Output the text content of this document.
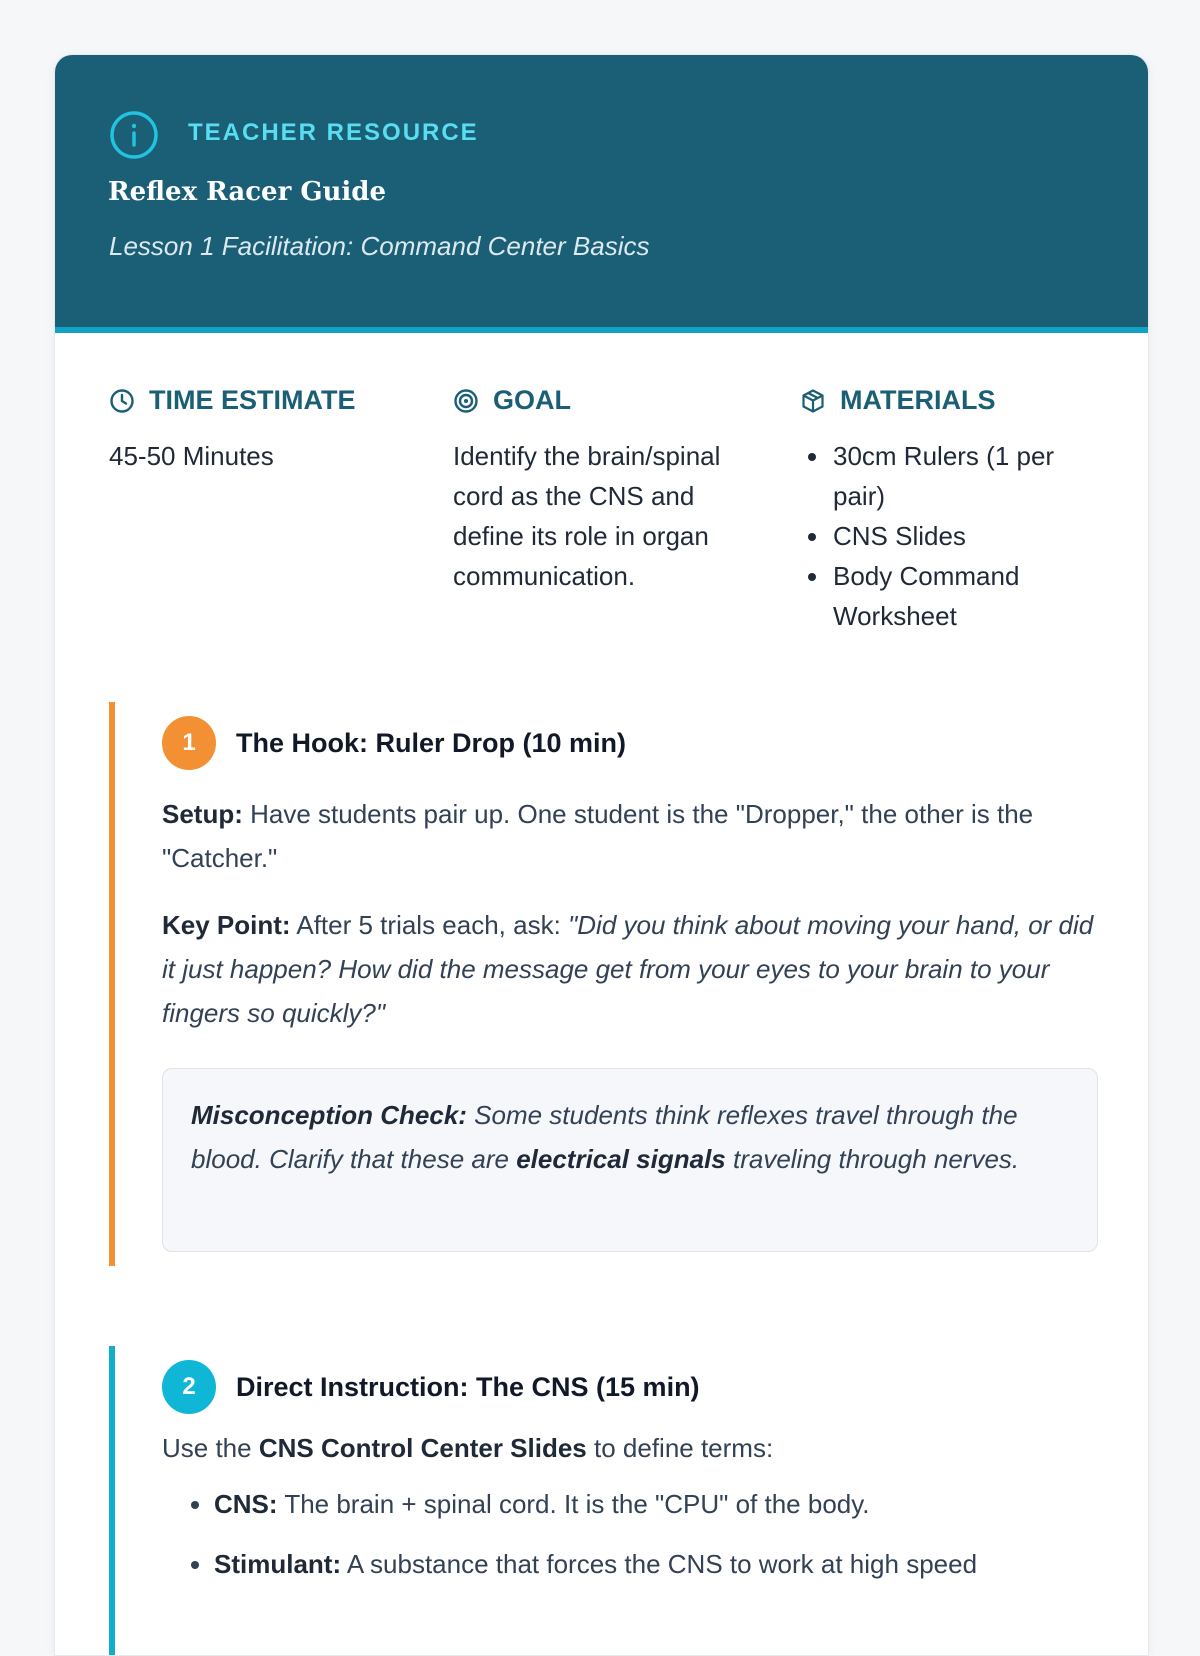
TEACHER RESOURCE
Reflex Racer Guide
Lesson 1 Facilitation: Command Center Basics
TIME ESTIMATE
45-50 Minutes
GOAL
Identify the brain/spinal cord as the CNS and define its role in organ communication.
MATERIALS
• 30cm Rulers (1 per pair)
• CNS Slides
• Body Command Worksheet
1	The Hook: Ruler Drop (10 min)
Setup: Have students pair up. One student is the "Dropper," the other is the "Catcher."
Key Point: After 5 trials each, ask: "Did you think about moving your hand, or did it just happen? How did the message get from your eyes to your brain to your fingers so quickly?"
Misconception Check: Some students think reflexes travel through the blood. Clarify that these are electrical signals traveling through nerves.
2	Direct Instruction: The CNS (15 min)
Use the CNS Control Center Slides to define terms:
• CNS: The brain + spinal cord. It is the "CPU" of the body.
• Stimulant: A substance that forces the CNS to work at high speed
